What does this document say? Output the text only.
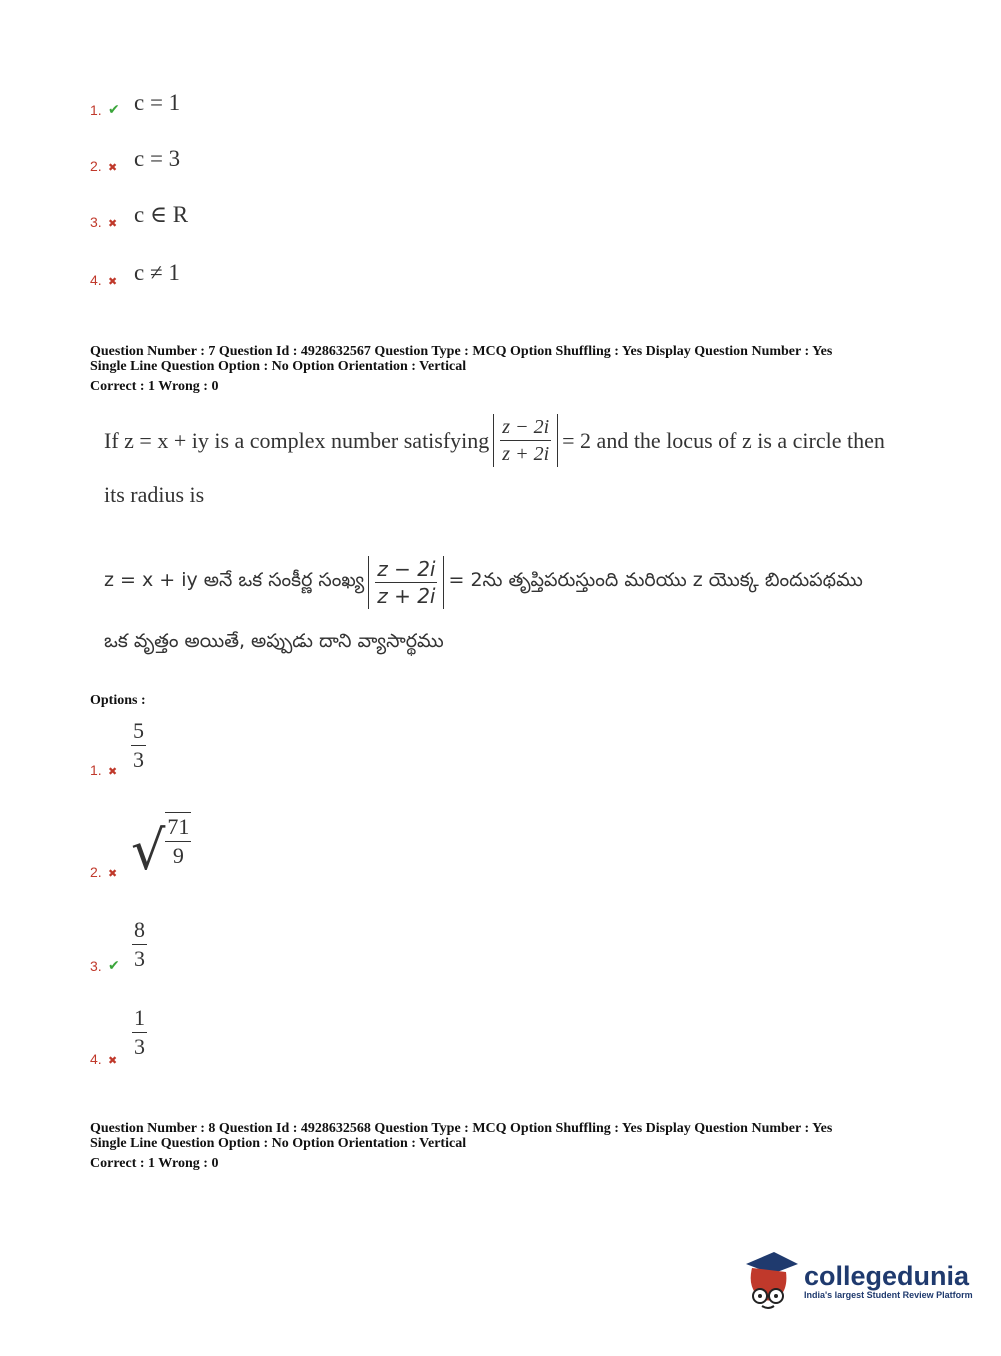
1. ✔ c = 1
2. ✖ c = 3
3. ✖ c ∈ R
4. ✖ c ≠ 1
Question Number : 7 Question Id : 4928632567 Question Type : MCQ Option Shuffling : Yes Display Question Number : Yes
Single Line Question Option : No Option Orientation : Vertical
Correct : 1 Wrong : 0
If z = x + iy is a complex number satisfying $\frac{z - 2i}{z + 2i} = 2$ and the locus of z is a circle then
its radius is
z = x + iy అనే ఒక సంకీర్ణ సంఖ్య $\frac{z - 2i}{z + 2i}$ = 2ను తృప్తిపరుస్తుంది మరియు z యొక్క బిందుపథము
ఒక వృత్తం అయితే, అప్పుడు దాని వ్యాసార్థము
Options :
1. ✖ $\frac{5}{3}$
2. ✖ √ $\frac{71}{9}$
3. ✔ $\frac{8}{3}$
4. ✖ $\frac{1}{3}$
Question Number : 8 Question Id : 4928632568 Question Type : MCQ Option Shuffling : Yes Display Question Number : Yes
Single Line Question Option : No Option Orientation : Vertical
Correct : 1 Wrong : 0
collegedunia
India's largest Student Review Platform
